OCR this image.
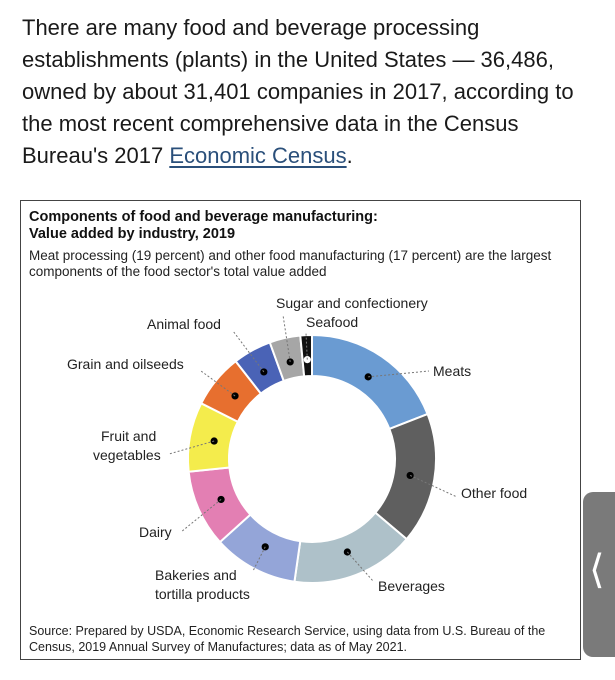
There are many food and beverage processing establishments (plants) in the United States — 36,486, owned by about 31,401 companies in 2017, according to the most recent comprehensive data in the Census Bureau's 2017 Economic Census.
Components of food and beverage manufacturing:
Value added by industry, 2019
Meat processing (19 percent) and other food manufacturing (17 percent) are the largest components of the food sector's total value added
Meats
Other food
Beverages
Bakeries and
tortilla products
Dairy
Fruit and
vegetables
Grain and oilseeds
Animal food
Sugar and confectionery
Seafood
Source: Prepared by USDA, Economic Research Service, using data from U.S. Bureau of the Census, 2019 Annual Survey of Manufactures; data as of May 2021.
⟨
